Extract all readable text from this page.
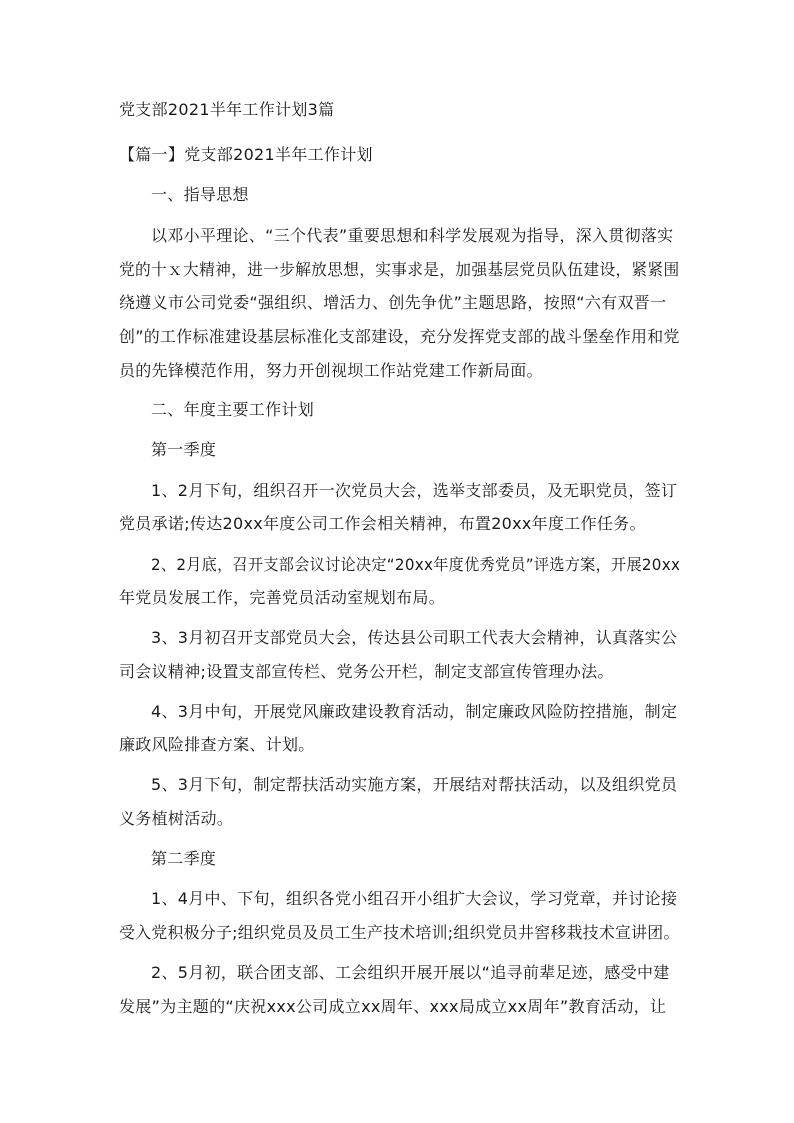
党支部2021半年工作计划3篇
【篇一】党支部2021半年工作计划
一、指导思想
以邓小平理论、“三个代表”重要思想和科学发展观为指导，深入贯彻落实
党的十ｘ大精神，进一步解放思想，实事求是，加强基层党员队伍建设，紧紧围
绕遵义市公司党委“强组织、增活力、创先争优”主题思路，按照“六有双晋一
创”的工作标准建设基层标准化支部建设，充分发挥党支部的战斗堡垒作用和党
员的先锋模范作用，努力开创视坝工作站党建工作新局面。
二、年度主要工作计划
第一季度
1、2月下旬，组织召开一次党员大会，选举支部委员，及无职党员，签订
党员承诺;传达20xx年度公司工作会相关精神，布置20xx年度工作任务。
2、2月底，召开支部会议讨论决定“20xx年度优秀党员”评选方案，开展20xx
年党员发展工作，完善党员活动室规划布局。
3、3月初召开支部党员大会，传达县公司职工代表大会精神，认真落实公
司会议精神;设置支部宣传栏、党务公开栏，制定支部宣传管理办法。
4、3月中旬，开展党风廉政建设教育活动，制定廉政风险防控措施，制定
廉政风险排查方案、计划。
5、3月下旬，制定帮扶活动实施方案，开展结对帮扶活动，以及组织党员
义务植树活动。
第二季度
1、4月中、下旬，组织各党小组召开小组扩大会议，学习党章，并讨论接
受入党积极分子;组织党员及员工生产技术培训;组织党员井窖移栽技术宣讲团。
2、5月初，联合团支部、工会组织开展开展以“追寻前辈足迹，感受中建
发展”为主题的“庆祝xxx公司成立xx周年、xxx局成立xx周年”教育活动，让
